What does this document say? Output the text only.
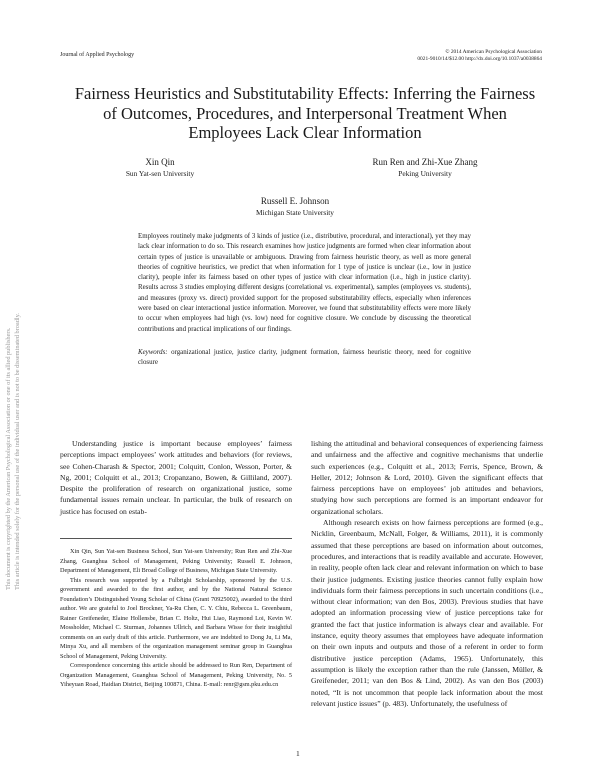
Journal of Applied Psychology	© 2014 American Psychological Association
0021-9010/14/$12.00 http://dx.doi.org/10.1037/a0038864
Fairness Heuristics and Substitutability Effects: Inferring the Fairness of Outcomes, Procedures, and Interpersonal Treatment When Employees Lack Clear Information
Xin Qin
Sun Yat-sen University
Run Ren and Zhi-Xue Zhang
Peking University
Russell E. Johnson
Michigan State University
Employees routinely make judgments of 3 kinds of justice (i.e., distributive, procedural, and interactional), yet they may lack clear information to do so. This research examines how justice judgments are formed when clear information about certain types of justice is unavailable or ambiguous. Drawing from fairness heuristic theory, as well as more general theories of cognitive heuristics, we predict that when information for 1 type of justice is unclear (i.e., low in justice clarity), people infer its fairness based on other types of justice with clear information (i.e., high in justice clarity). Results across 3 studies employing different designs (correlational vs. experimental), samples (employees vs. students), and measures (proxy vs. direct) provided support for the proposed substitutability effects, especially when inferences were based on clear interactional justice information. Moreover, we found that substitutability effects were more likely to occur when employees had high (vs. low) need for cognitive closure. We conclude by discussing the theoretical contributions and practical implications of our findings.
Keywords: organizational justice, justice clarity, judgment formation, fairness heuristic theory, need for cognitive closure
This document is copyrighted by the American Psychological Association or one of its allied publishers. This article is intended solely for the personal use of the individual user and is not to be disseminated broadly.	Understanding justice is important because employees’ fairness perceptions impact employees’ work attitudes and behaviors (for reviews, see Cohen-Charash & Spector, 2001; Colquitt, Conlon, Wesson, Porter, & Ng, 2001; Colquitt et al., 2013; Cropanzano, Bowen, & Gilliland, 2007). Despite the proliferation of research on organizational justice, some fundamental issues remain unclear. In particular, the bulk of research on justice has focused on estab-

Xin Qin, Sun Yat-sen Business School, Sun Yat-sen University; Run Ren and Zhi-Xue Zhang, Guanghua School of Management, Peking University; Russell E. Johnson, Department of Management, Eli Broad College of Business, Michigan State University.

This research was supported by a Fulbright Scholarship, sponsored by the U.S. government and awarded to the first author, and by the National Natural Science Foundation’s Distinguished Young Scholar of China (Grant 70925002), awarded to the third author. We are grateful to Joel Brockner, Ya-Ru Chen, C. Y. Chiu, Rebecca L. Greenbaum, Rainer Greifeneder, Elaine Hollensbe, Brian C. Holtz, Hui Liao, Raymond Loi, Kevin W. Mossholder, Michael C. Sturman, Johannes Ullrich, and Barbara Wisse for their insightful comments on an early draft of this article. Furthermore, we are indebted to Dong Ju, Li Ma, Minya Xu, and all members of the organization management seminar group in Guanghua School of Management, Peking University.

Correspondence concerning this article should be addressed to Run Ren, Department of Organization Management, Guanghua School of Management, Peking University, No. 5 Yiheyuan Road, Haidian District, Beijing 100871, China. E-mail: renr@gsm.pku.edu.cn

lishing the attitudinal and behavioral consequences of experiencing fairness and unfairness and the affective and cognitive mechanisms that underlie such experiences (e.g., Colquitt et al., 2013; Ferris, Spence, Brown, & Heller, 2012; Johnson & Lord, 2010). Given the significant effects that fairness perceptions have on employees’ job attitudes and behaviors, studying how such perceptions are formed is an important endeavor for organizational scholars.

Although research exists on how fairness perceptions are formed (e.g., Nicklin, Greenbaum, McNall, Folger, & Williams, 2011), it is commonly assumed that these perceptions are based on information about outcomes, procedures, and interactions that is readily available and accurate. However, in reality, people often lack clear and relevant information on which to base their justice judgments. Existing justice theories cannot fully explain how individuals form their fairness perceptions in such uncertain conditions (i.e., without clear information; van den Bos, 2003). Previous studies that have adopted an information processing view of justice perceptions take for granted the fact that justice information is always clear and available. For instance, equity theory assumes that employees have adequate information on their own inputs and outputs and those of a referent in order to form distributive justice perception (Adams, 1965). Unfortunately, this assumption is likely the exception rather than the rule (Janssen, Müller, & Greifeneder, 2011; van den Bos & Lind, 2002). As van den Bos (2003) noted, “It is not uncommon that people lack information about the most relevant justice issues” (p. 483). Unfortunately, the usefulness of

1
